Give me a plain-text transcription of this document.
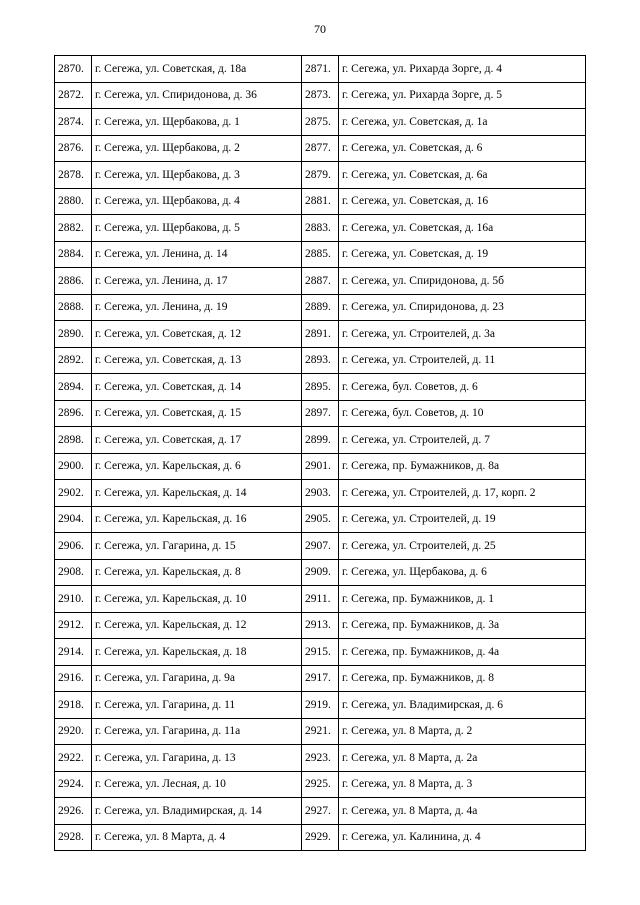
70
2870.	г. Сегежа, ул. Советская, д. 18а	2871.	г. Сегежа, ул. Рихарда Зорге, д. 4
2872.	г. Сегежа, ул. Спиридонова, д. 36	2873.	г. Сегежа, ул. Рихарда Зорге, д. 5
2874.	г. Сегежа, ул. Щербакова, д. 1	2875.	г. Сегежа, ул. Советская, д. 1а
2876.	г. Сегежа, ул. Щербакова, д. 2	2877.	г. Сегежа, ул. Советская, д. 6
2878.	г. Сегежа, ул. Щербакова, д. 3	2879.	г. Сегежа, ул. Советская, д. 6а
2880.	г. Сегежа, ул. Щербакова, д. 4	2881.	г. Сегежа, ул. Советская, д. 16
2882.	г. Сегежа, ул. Щербакова, д. 5	2883.	г. Сегежа, ул. Советская, д. 16а
2884.	г. Сегежа, ул. Ленина, д. 14	2885.	г. Сегежа, ул. Советская, д. 19
2886.	г. Сегежа, ул. Ленина, д. 17	2887.	г. Сегежа, ул. Спиридонова, д. 5б
2888.	г. Сегежа, ул. Ленина, д. 19	2889.	г. Сегежа, ул. Спиридонова, д. 23
2890.	г. Сегежа, ул. Советская, д. 12	2891.	г. Сегежа, ул. Строителей, д. 3а
2892.	г. Сегежа, ул. Советская, д. 13	2893.	г. Сегежа, ул. Строителей, д. 11
2894.	г. Сегежа, ул. Советская, д. 14	2895.	г. Сегежа, бул. Советов, д. 6
2896.	г. Сегежа, ул. Советская, д. 15	2897.	г. Сегежа, бул. Советов, д. 10
2898.	г. Сегежа, ул. Советская, д. 17	2899.	г. Сегежа, ул. Строителей, д. 7
2900.	г. Сегежа, ул. Карельская, д. 6	2901.	г. Сегежа, пр. Бумажников, д. 8а
2902.	г. Сегежа, ул. Карельская, д. 14	2903.	г. Сегежа, ул. Строителей, д. 17, корп. 2
2904.	г. Сегежа, ул. Карельская, д. 16	2905.	г. Сегежа, ул. Строителей, д. 19
2906.	г. Сегежа, ул. Гагарина, д. 15	2907.	г. Сегежа, ул. Строителей, д. 25
2908.	г. Сегежа, ул. Карельская, д. 8	2909.	г. Сегежа, ул. Щербакова, д. 6
2910.	г. Сегежа, ул. Карельская, д. 10	2911.	г. Сегежа, пр. Бумажников, д. 1
2912.	г. Сегежа, ул. Карельская, д. 12	2913.	г. Сегежа, пр. Бумажников, д. 3а
2914.	г. Сегежа, ул. Карельская, д. 18	2915.	г. Сегежа, пр. Бумажников, д. 4а
2916.	г. Сегежа, ул. Гагарина, д. 9а	2917.	г. Сегежа, пр. Бумажников, д. 8
2918.	г. Сегежа, ул. Гагарина, д. 11	2919.	г. Сегежа, ул. Владимирская, д. 6
2920.	г. Сегежа, ул. Гагарина, д. 11а	2921.	г. Сегежа, ул. 8 Марта, д. 2
2922.	г. Сегежа, ул. Гагарина, д. 13	2923.	г. Сегежа, ул. 8 Марта, д. 2а
2924.	г. Сегежа, ул. Лесная, д. 10	2925.	г. Сегежа, ул. 8 Марта, д. 3
2926.	г. Сегежа, ул. Владимирская, д. 14	2927.	г. Сегежа, ул. 8 Марта, д. 4а
2928.	г. Сегежа, ул. 8 Марта, д. 4	2929.	г. Сегежа, ул. Калинина, д. 4
